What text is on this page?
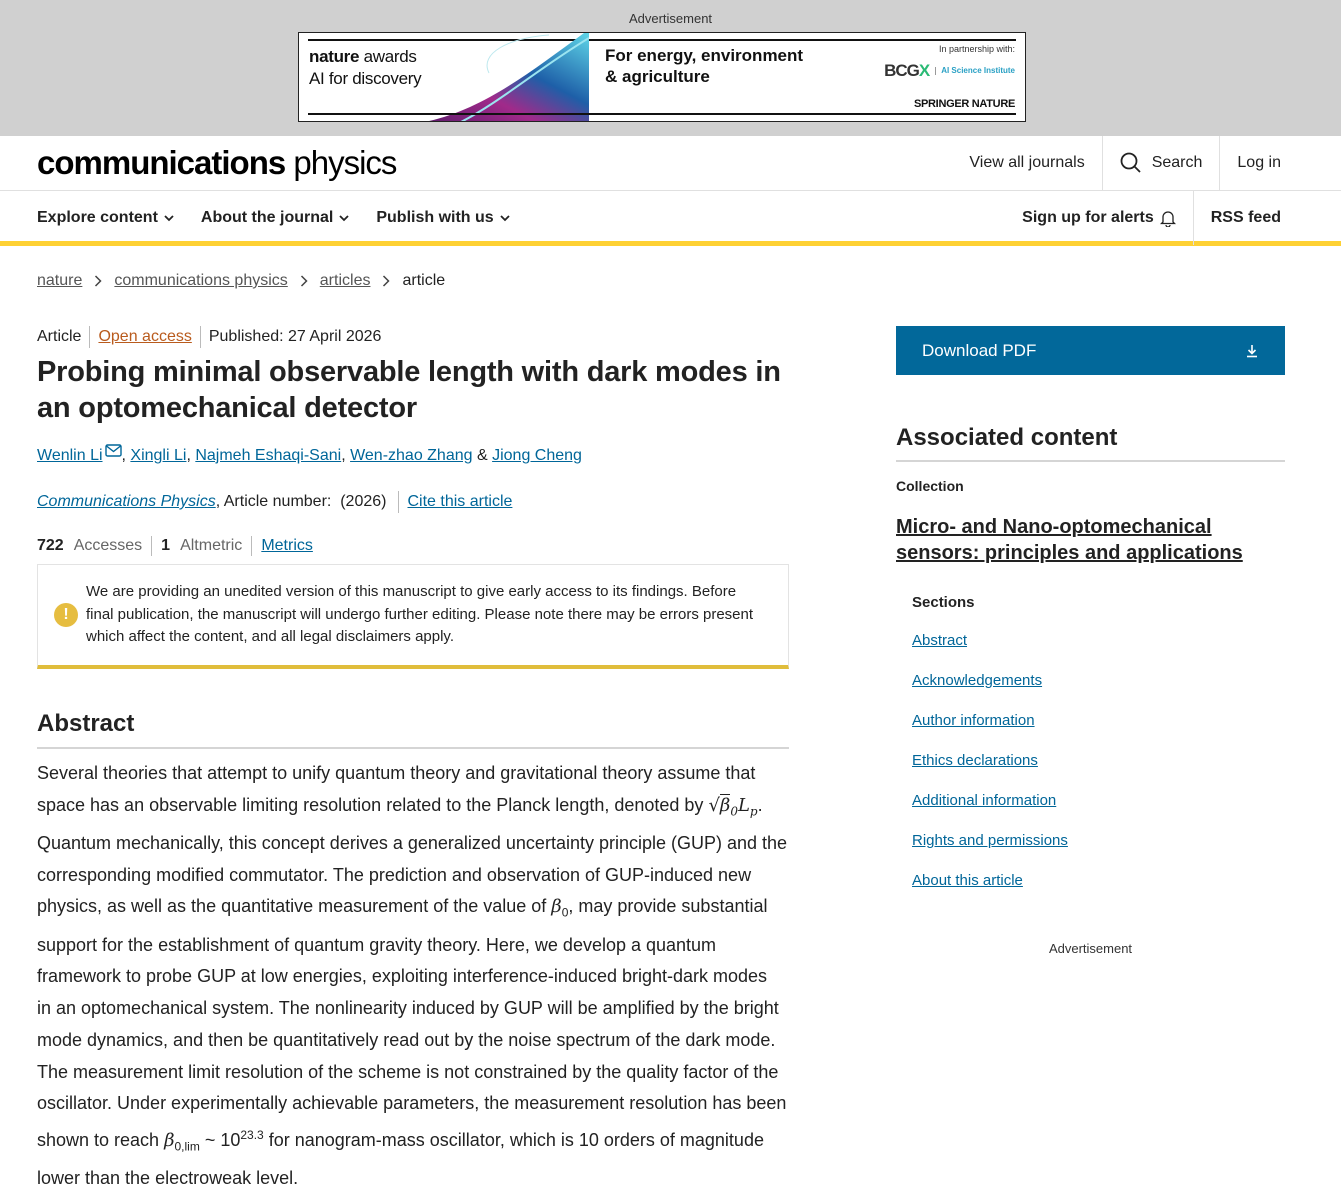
Advertisement
nature awards
AI for discovery
For energy, environment
& agriculture
In partnership with:
BCGX	AI Science Institute
SPRINGER NATURE
communications physics	View all journals	Search Log in
Explore content	About the journal	Publish with us	Sign up for alerts	RSS feed
nature communications physics articles article
Article Open access Published: 27 April 2026
Probing minimal observable length with dark modes in an optomechanical detector
Wenlin Li , Xingli Li, Najmeh Eshaqi-Sani, Wen-zhao Zhang & Jiong Cheng
Communications Physics , Article number:  (2026) Cite this article
722 Accesses 1 Altmetric Metrics
!

We are providing an unedited version of this manuscript to give early access to its findings. Before final publication, the manuscript will undergo further editing. Please note there may be errors present which affect the content, and all legal disclaimers apply.

Abstract
Several theories that attempt to unify quantum theory and gravitational theory assume that
space has an observable limiting resolution related to the Planck length, denoted by $√\beta_0L_p$.
Quantum mechanically, this concept derives a generalized uncertainty principle (GUP) and the
corresponding modified commutator. The prediction and observation of GUP-induced new
physics, as well as the quantitative measurement of the value of $\beta_0$, may provide substantial
support for the establishment of quantum gravity theory. Here, we develop a quantum
framework to probe GUP at low energies, exploiting interference-induced bright-dark modes
in an optomechanical system. The nonlinearity induced by GUP will be amplified by the bright
mode dynamics, and then be quantitatively read out by the noise spectrum of the dark mode.
The measurement limit resolution of the scheme is not constrained by the quality factor of the
oscillator. Under experimentally achievable parameters, the measurement resolution has been
shown to reach $\beta_{0,lim}$ ~ $10^{23.3}$ for nanogram-mass oscillator, which is 10 orders of magnitude
lower than the electroweak level.
Download PDF
Associated content
Collection
Micro- and Nano-optomechanical sensors: principles and applications
Sections
Abstract
Acknowledgements
Author information
Ethics declarations
Additional information
Rights and permissions
About this article
Advertisement
